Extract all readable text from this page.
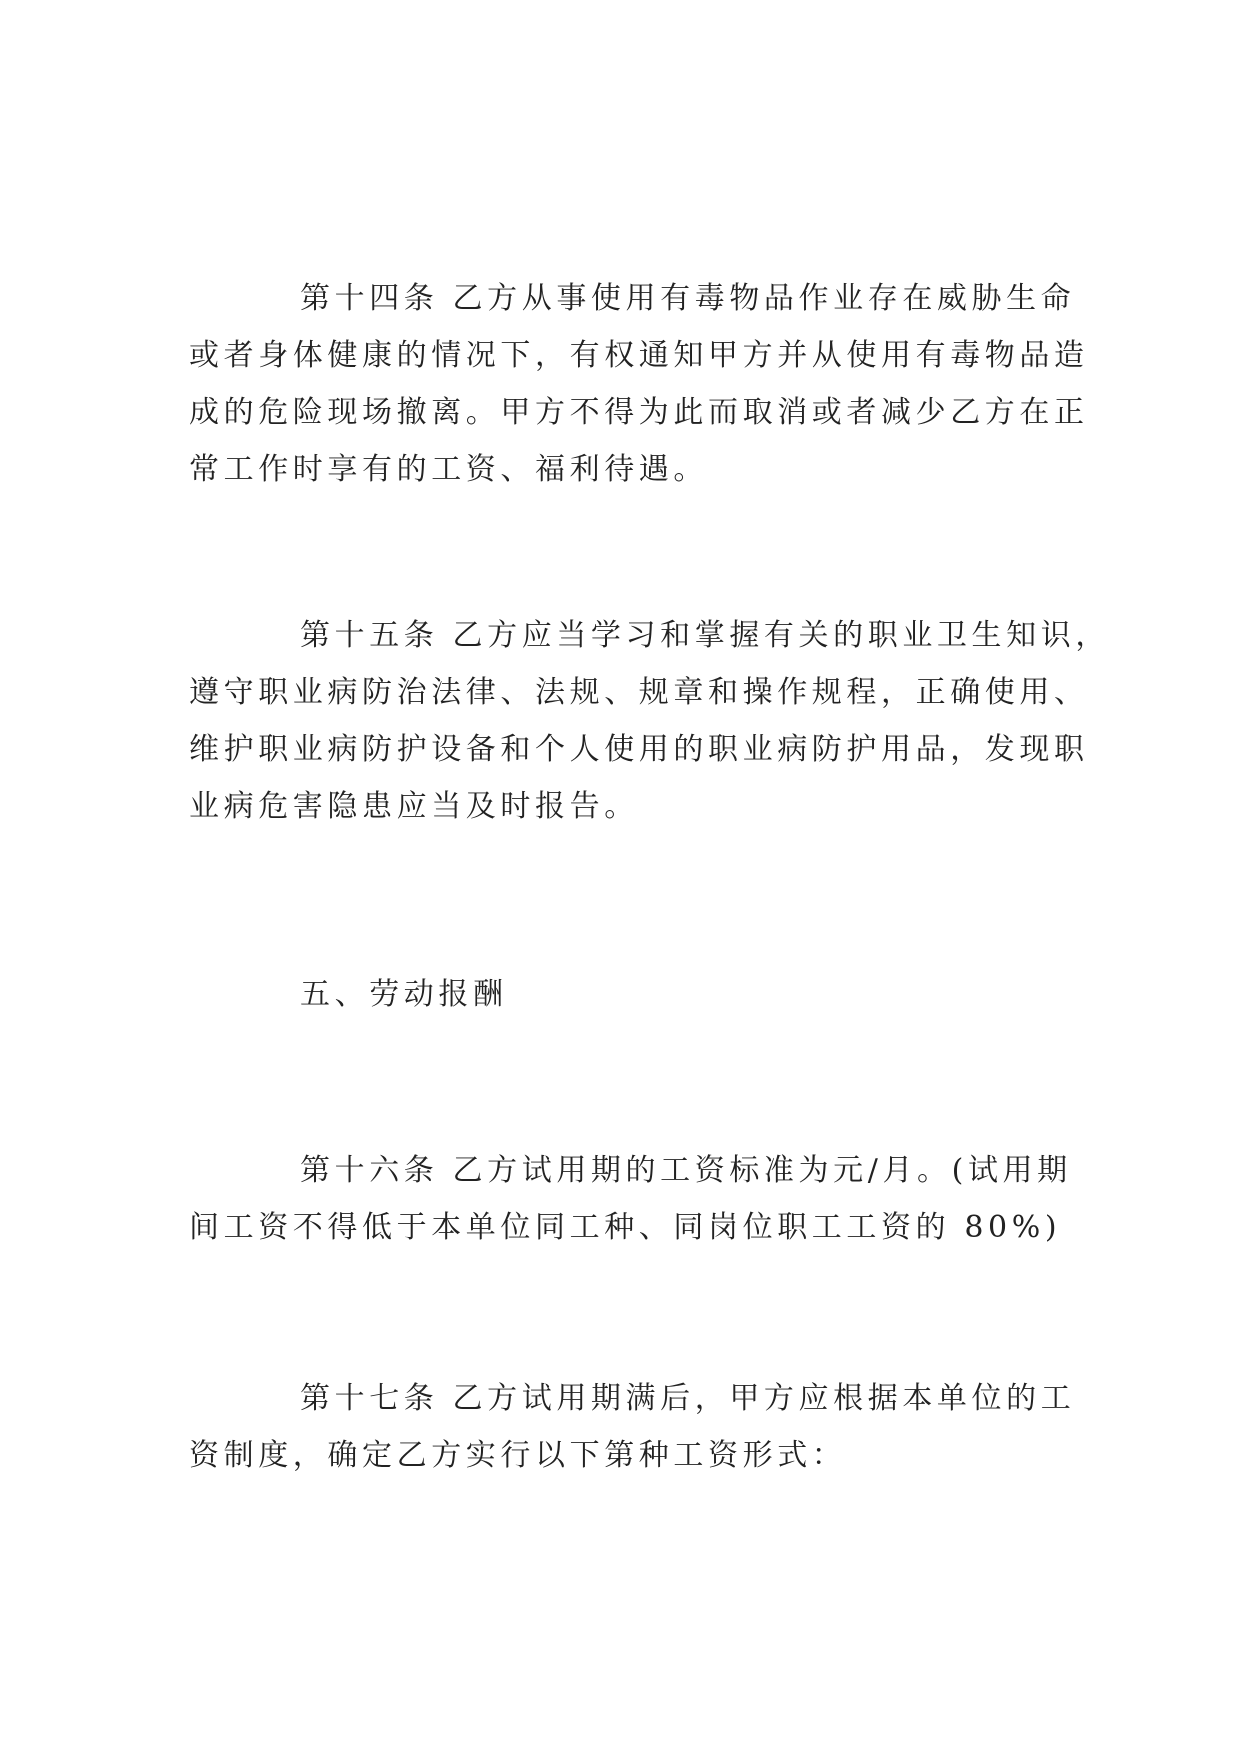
第十四条 乙方从事使用有毒物品作业存在威胁生命
或者身体健康的情况下，有权通知甲方并从使用有毒物品造
成的危险现场撤离。甲方不得为此而取消或者减少乙方在正
常工作时享有的工资、福利待遇。

第十五条 乙方应当学习和掌握有关的职业卫生知识，
遵守职业病防治法律、法规、规章和操作规程，正确使用、
维护职业病防护设备和个人使用的职业病防护用品，发现职
业病危害隐患应当及时报告。

五、劳动报酬

第十六条 乙方试用期的工资标准为元/月。(试用期
间工资不得低于本单位同工种、同岗位职工工资的 80%)

第十七条 乙方试用期满后，甲方应根据本单位的工
资制度，确定乙方实行以下第种工资形式：
